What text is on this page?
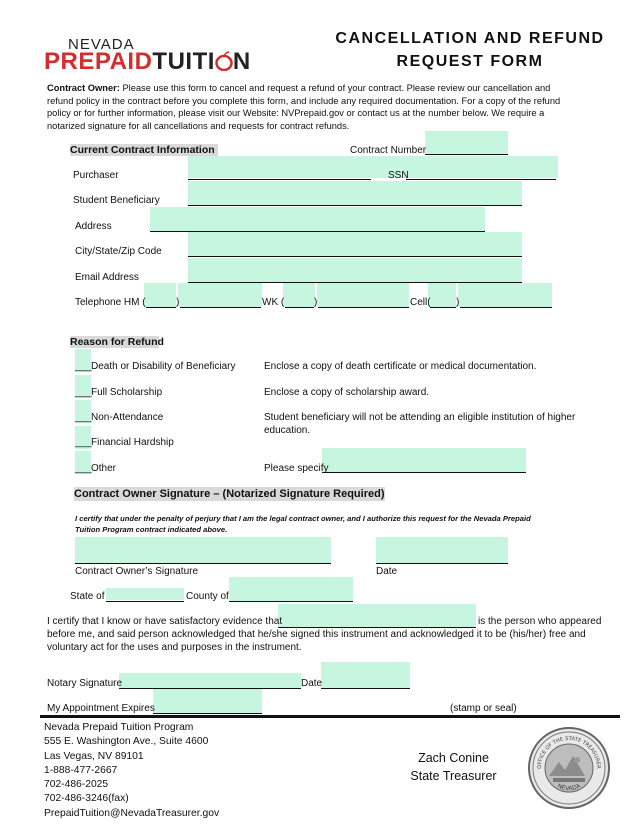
NEVADA
PREPAIDTUITI N
CANCELLATION AND REFUND
REQUEST FORM
Contract Owner: Please use this form to cancel and request a refund of your contract. Please review our cancellation and
refund policy in the contract before you complete this form, and include any required documentation. For a copy of the refund
policy or for further information, please visit our Website: NVPrepaid.gov or contact us at the number below. We require a
notarized signature for all cancellations and requests for contract refunds.
Current Contract Information	Contract Number
Purchaser	SSN
Student Beneficiary
Address
City/State/Zip Code
Email Address
Telephone HM (	)	WK (	)	Cell(	)
Reason for Refund
___ Death or Disability of Beneficiary	Enclose a copy of death certificate or medical documentation.
___ Full Scholarship	Enclose a copy of scholarship award.
___ Non-Attendance	Student beneficiary will not be attending an eligible institution of higher
education.
___ Financial Hardship
___ Other	Please specify
Contract Owner Signature – (Notarized Signature Required)
I certify that under the penalty of perjury that I am the legal contract owner, and I authorize this request for the Nevada Prepaid
Tuition Program contract indicated above.
Contract Owner’s Signature	Date
State of	County of
I certify that I know or have satisfactory evidence that	is the person who appeared
before me, and said person acknowledged that he/she signed this instrument and acknowledged it to be (his/her) free and
voluntary act for the uses and purposes in the instrument.
Notary Signature	Date
My Appointment Expires	(stamp or seal)
Nevada Prepaid Tuition Program
555 E. Washington Ave., Suite 4600
Las Vegas, NV 89101
1-888-477-2667
702-486-2025
702-486-3246(fax)
PrepaidTuition@NevadaTreasurer.gov
Zach Conine
State Treasurer
OFFICE OF THE STATE TREASURER
NEVADA
